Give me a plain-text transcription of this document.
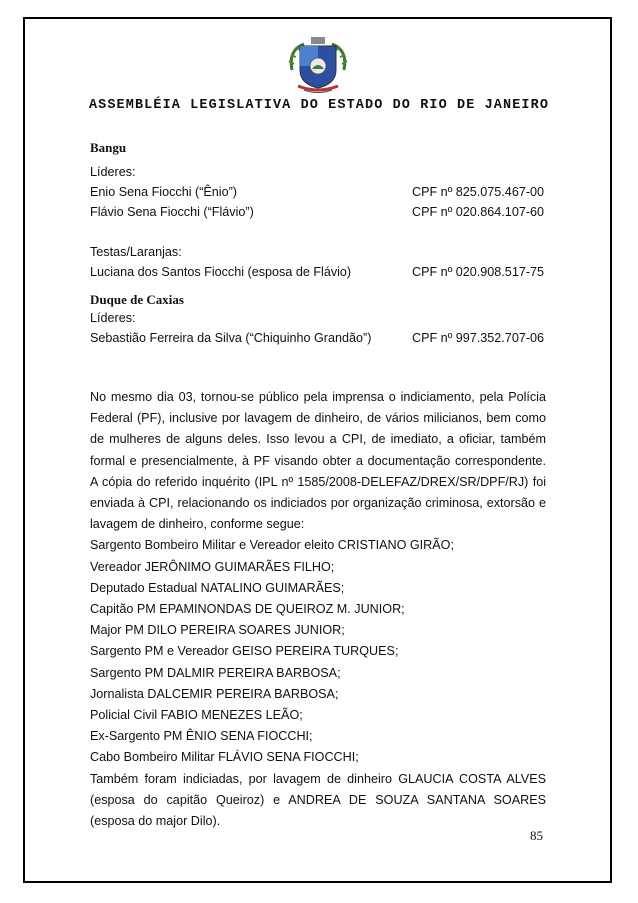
ASSEMBLÉIA LEGISLATIVA DO ESTADO DO RIO DE JANEIRO
Bangu
Líderes:
Enio Sena Fiocchi (“Ênio”)	CPF nº 825.075.467-00
Flávio Sena Fiocchi (“Flávio”)	CPF nº 020.864.107-60
Testas/Laranjas:
Luciana dos Santos Fiocchi (esposa de Flávio)	CPF nº 020.908.517-75
Duque de Caxias
Líderes:
Sebastião Ferreira da Silva (“Chiquinho Grandão”)	CPF nº 997.352.707-06
No mesmo dia 03, tornou-se público pela imprensa o indiciamento, pela Polícia Federal (PF), inclusive por lavagem de dinheiro, de vários milicianos, bem como de mulheres de alguns deles. Isso levou a CPI, de imediato, a oficiar, também formal e presencialmente, à PF visando obter a documentação correspondente. A cópia do referido inquérito (IPL nº 1585/2008-DELEFAZ/DREX/SR/DPF/RJ) foi enviada à CPI, relacionando os indiciados por organização criminosa, extorsão e lavagem de dinheiro, conforme segue:
Sargento Bombeiro Militar e Vereador eleito CRISTIANO GIRÃO;
Vereador JERÔNIMO GUIMARÃES FILHO;
Deputado Estadual NATALINO GUIMARÃES;
Capitão PM EPAMINONDAS DE QUEIROZ M. JUNIOR;
Major PM DILO PEREIRA SOARES JUNIOR;
Sargento PM e Vereador GEISO PEREIRA TURQUES;
Sargento PM DALMIR PEREIRA BARBOSA;
Jornalista DALCEMIR PEREIRA BARBOSA;
Policial Civil FABIO MENEZES LEÃO;
Ex-Sargento PM ÊNIO SENA FIOCCHI;
Cabo Bombeiro Militar FLÁVIO SENA FIOCCHI;
Também foram indiciadas, por lavagem de dinheiro GLAUCIA COSTA ALVES (esposa do capitão Queiroz) e ANDREA DE SOUZA SANTANA SOARES (esposa do major Dilo).
85
